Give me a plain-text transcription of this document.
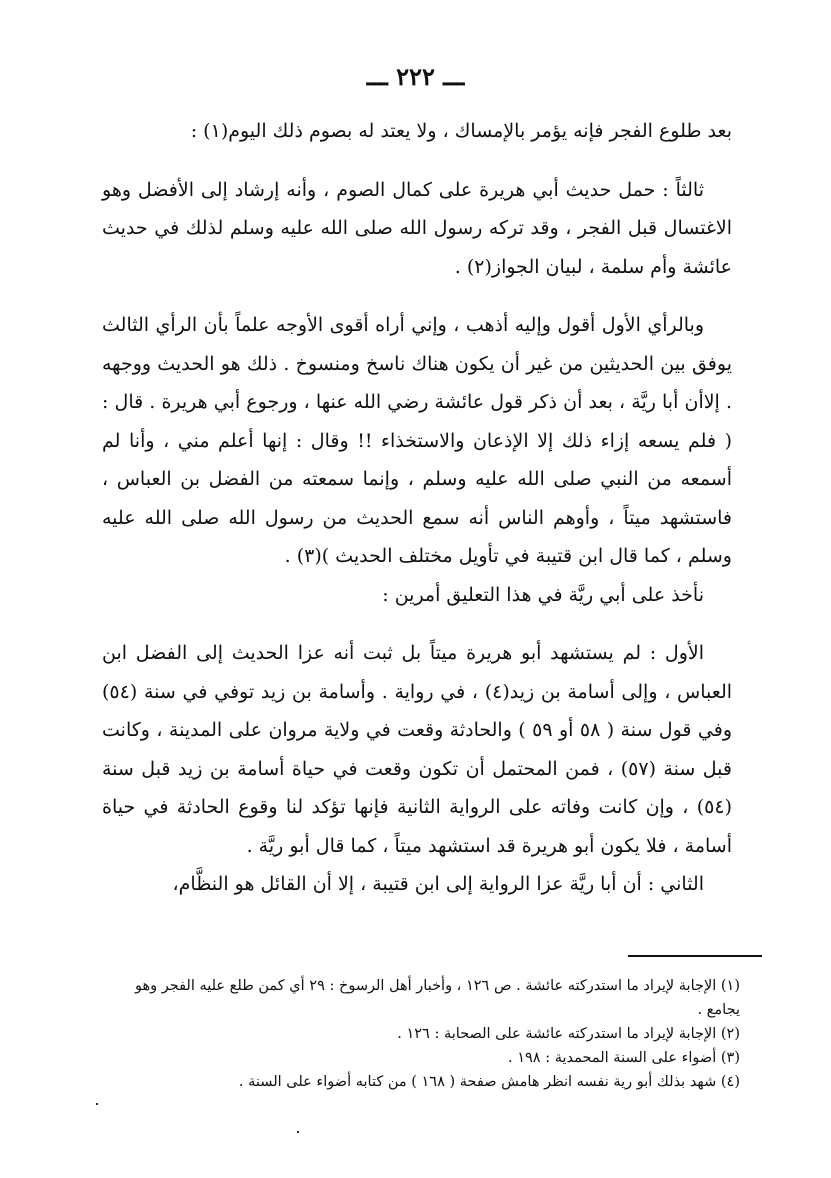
ـــ ٢٢٢ ـــ

بعد طلوع الفجر فإنه يؤمر بالإمساك ، ولا يعتد له بصوم ذلك اليوم(١) :

ثالثاً : حمل حديث أبي هريرة على كمال الصوم ، وأنه إرشاد إلى الأفضل وهو الاغتسال قبل الفجر ، وقد تركه رسول الله صلى الله عليه وسلم لذلك في حديث عائشة وأم سلمة ، لبيان الجواز(٢) .

وبالرأي الأول أقول وإليه أذهب ، وإني أراه أقوى الأوجه علماً بأن الرأي الثالث يوفق بين الحديثين من غير أن يكون هناك ناسخ ومنسوخ . ذلك هو الحديث ووجهه . إلاأن أبا ريَّة ، بعد أن ذكر قول عائشة رضي الله عنها ، ورجوع أبي هريرة . قال : ( فلم يسعه إزاء ذلك إلا الإذعان والاستخذاء !! وقال : إنها أعلم مني ، وأنا لم أسمعه من النبي صلى الله عليه وسلم ، وإنما سمعته من الفضل بن العباس ، فاستشهد ميتاً ، وأوهم الناس أنه سمع الحديث من رسول الله صلى الله عليه وسلم ، كما قال ابن قتيبة في تأويل مختلف الحديث )(٣) .

نأخذ على أبي ريَّة في هذا التعليق أمرين :

الأول : لم يستشهد أبو هريرة ميتاً بل ثبت أنه عزا الحديث إلى الفضل ابن العباس ، وإلى أسامة بن زيد(٤) ، في رواية . وأسامة بن زيد توفي في سنة (٥٤) وفي قول سنة ( ٥٨ أو ٥٩ ) والحادثة وقعت في ولاية مروان على المدينة ، وكانت قبل سنة (٥٧) ، فمن المحتمل أن تكون وقعت في حياة أسامة بن زيد قبل سنة (٥٤) ، وإن كانت وفاته على الرواية الثانية فإنها تؤكد لنا وقوع الحادثة في حياة أسامة ، فلا يكون أبو هريرة قد استشهد ميتاً ، كما قال أبو ريَّة .

الثاني : أن أبا ريَّة عزا الرواية إلى ابن قتيبة ، إلا أن القائل هو النظَّام،

(١) الإجابة لإيراد ما استدركته عائشة . ص ١٢٦ ، وأخبار أهل الرسوخ : ٢٩ أي كمن طلع عليه الفجر وهو يجامع .

(٢) الإجابة لإيراد ما استدركته عائشة على الصحابة : ١٢٦ .

(٣) أضواء على السنة المحمدية : ١٩٨ .

(٤) شهد بذلك أبو رية نفسه انظر هامش صفحة ( ١٦٨ ) من كتابه أضواء على السنة .
